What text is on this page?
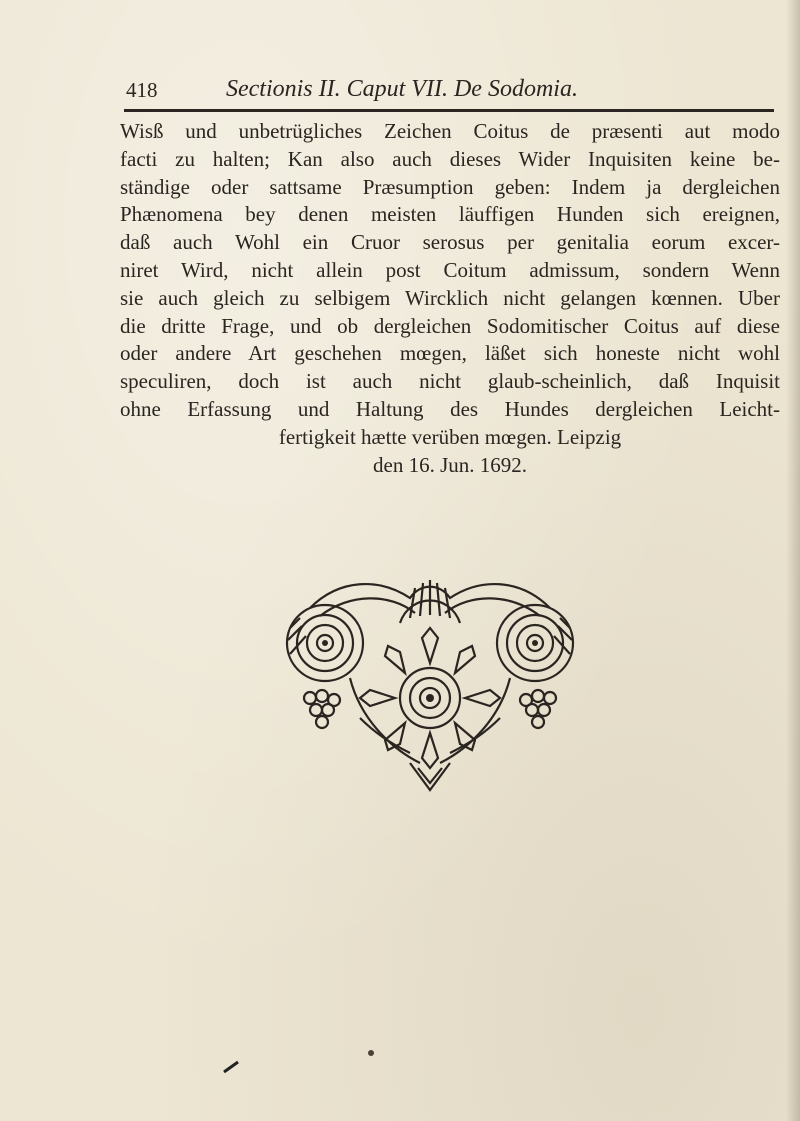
418	Sectionis II. Caput VII. De Sodomia.
Wisß und unbetrügliches Zeichen Coitus de præsenti aut modo
facti zu halten; Kan also auch dieses Wider Inquisiten keine be-
ständige oder sattsame Præsumption geben: Indem ja dergleichen
Phænomena bey denen meisten läuffigen Hunden sich ereignen,
daß auch Wohl ein Cruor serosus per genitalia eorum excer-
niret Wird, nicht allein post Coitum admissum, sondern Wenn
sie auch gleich zu selbigem Wircklich nicht gelangen kœnnen. Uber
die dritte Frage, und ob dergleichen Sodomitischer Coitus auf diese
oder andere Art geschehen mœgen, läßet sich honeste nicht wohl
speculiren, doch ist auch nicht glaub-scheinlich, daß Inquisit
ohne Erfassung und Haltung des Hundes dergleichen Leicht-
fertigkeit hætte verüben mœgen. Leipzig
den 16. Jun. 1692.
